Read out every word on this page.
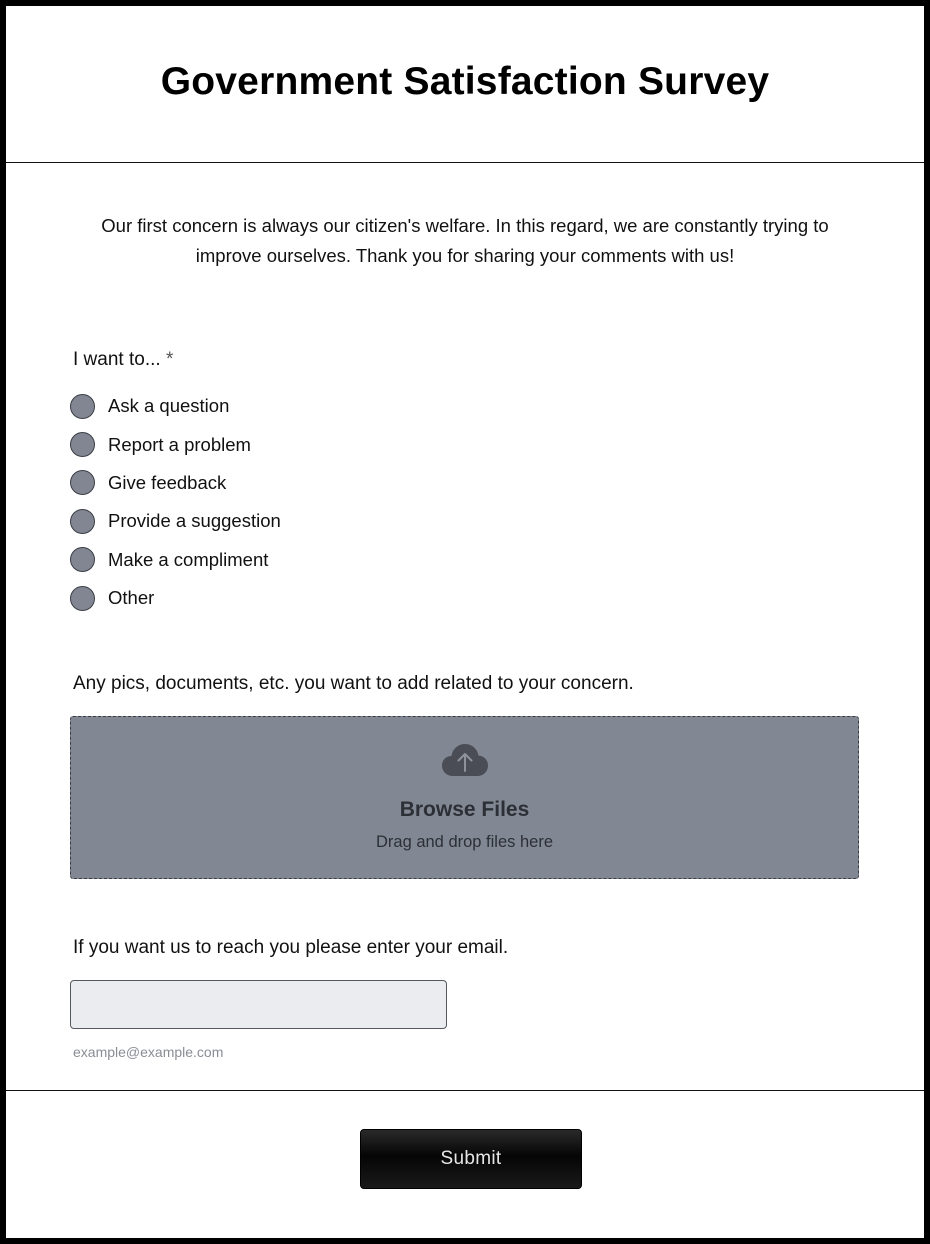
Government Satisfaction Survey

Our first concern is always our citizen's welfare. In this regard, we are constantly trying to improve ourselves. Thank you for sharing your comments with us!

I want to... *
Ask a question
Report a problem
Give feedback
Provide a suggestion
Make a compliment
Other
Any pics, documents, etc. you want to add related to your concern.
Browse Files
Drag and drop files here
If you want us to reach you please enter your email.
example@example.com
Submit
